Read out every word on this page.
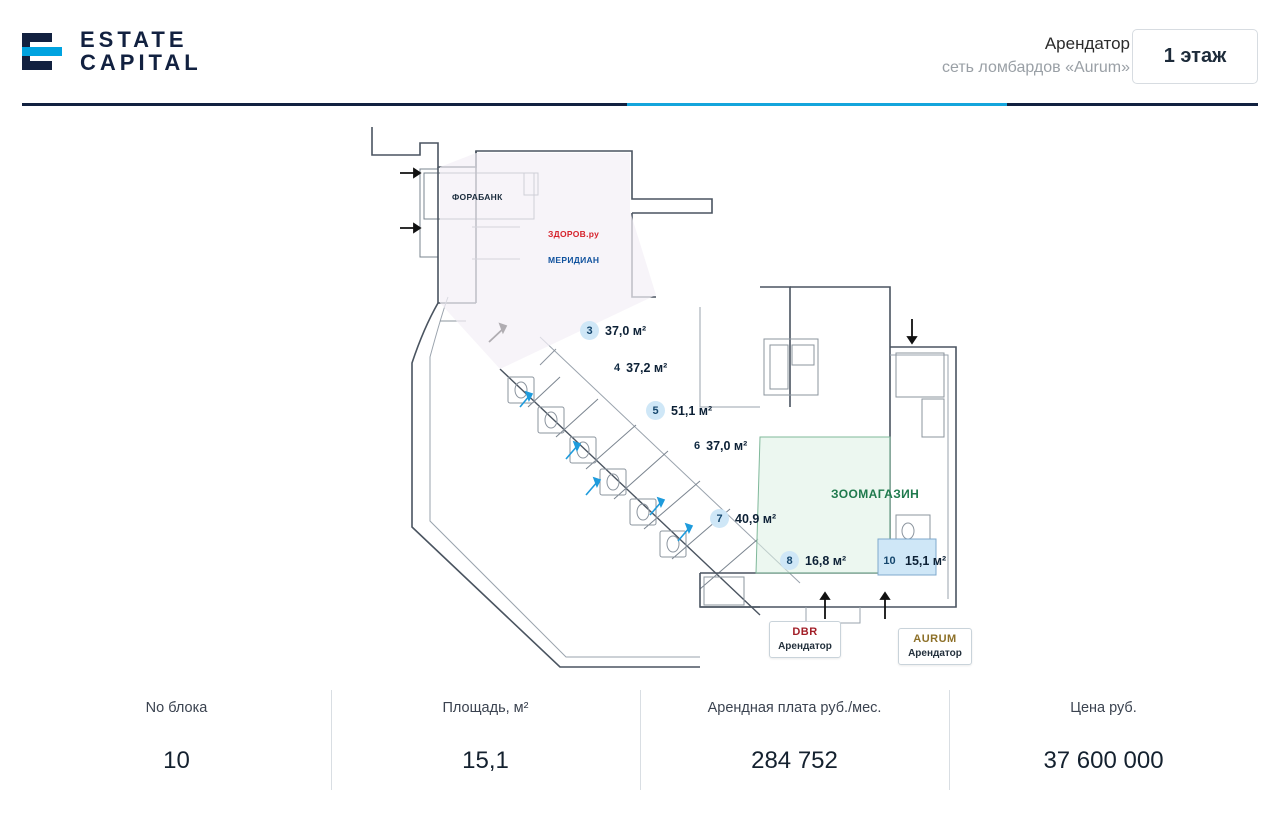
ESTATE
CAPITAL
Арендатор
сеть ломбардов «Aurum»
1 этаж
ФОРАБАНК
ЗДОРОВ.ру
МЕРИДИАН
3 37,0 м²
4 37,2 м²
5 51,1 м²
6 37,0 м²
7 40,9 м²
8 16,8 м²	10 15,1 м²
ЗООМАГАЗИН
DBR
Арендатор
AURUM
Арендатор
No блока
10
Площадь, м²
15,1
Арендная плата руб./мес.
284 752
Цена руб.
37 600 000
